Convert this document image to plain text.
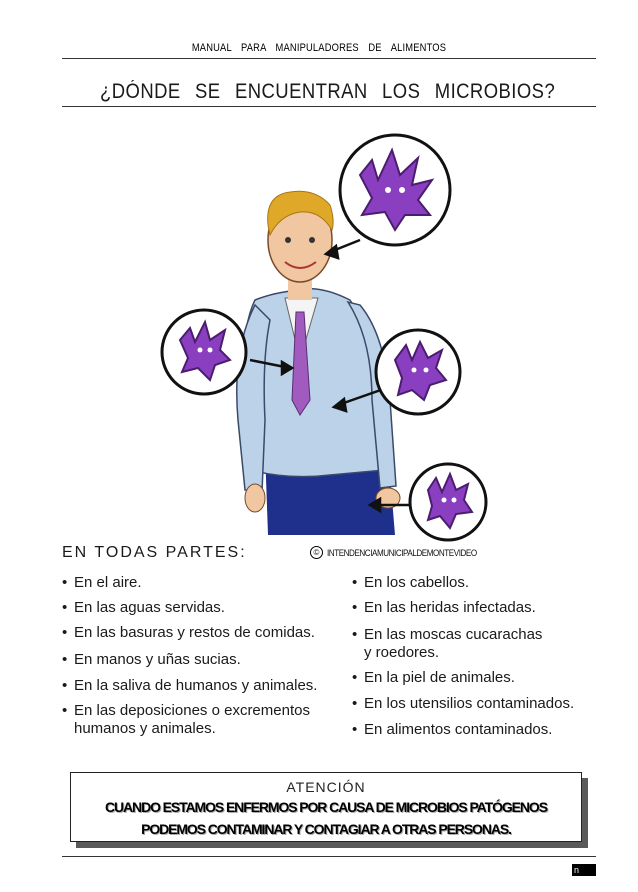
MANUAL PARA MANIPULADORES DE ALIMENTOS
¿DÓNDE SE ENCUENTRAN LOS MICROBIOS?
EN TODAS PARTES:	© INTENDENCIAMUNICIPALDEMONTEVIDEO
• En el aire.
• En las aguas servidas.
• En las basuras y restos de comidas.
• En manos y uñas sucias.
• En la saliva de humanos y animales.
• En las deposiciones o excrementos
humanos y animales.
• En los cabellos.
• En las heridas infectadas.
• En las moscas cucarachas
y roedores.
• En la piel de animales.
• En los utensilios contaminados.
• En alimentos contaminados.
ATENCIÓN
CUANDO ESTAMOS ENFERMOS POR CAUSA DE MICROBIOS PATÓGENOS
PODEMOS CONTAMINAR Y CONTAGIAR A OTRAS PERSONAS.
n
